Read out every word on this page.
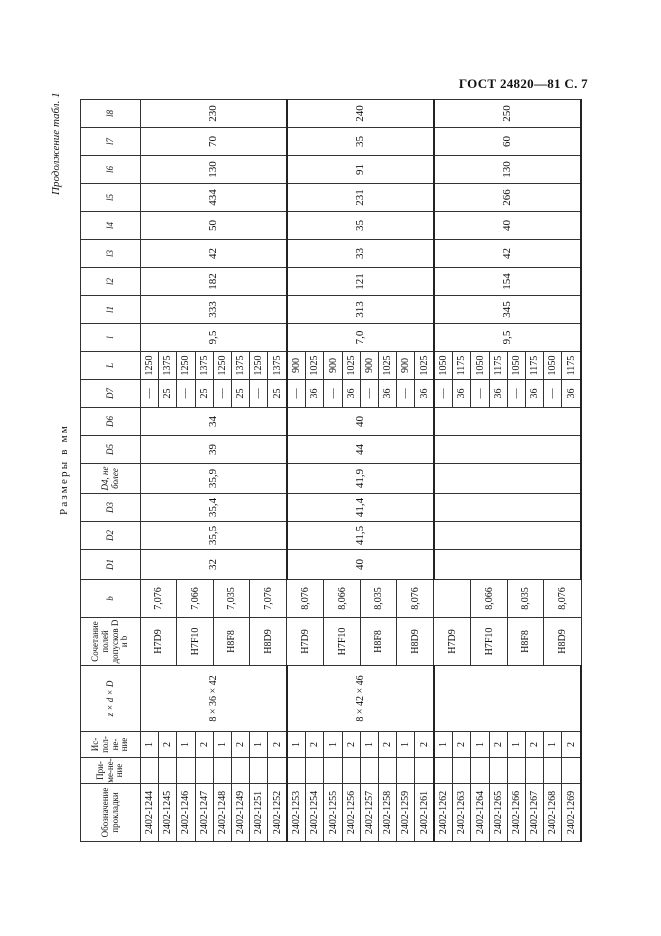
ГОСТ 24820—81 С. 7
Продолжение табл. 1
Размеры в мм
Обозначение прокладки	При-ме-не-ние	Ис-пол-не-ние	z × d × D	Сочетание полей допусков D и b	b	D1	D2	D3	D4, не более	D5	D6	D7	L	l	l1	l2	l3	l4	l5	l6	l7	l8
2402-1244		1	8 × 36 × 42	H7D9	7,076	32	35,5	35,4	35,9	39	34	—	1250	9,5	333	182	42	50	434	130	70	230
2402-1245		2										25	1375									
2402-1246		1		H7F10	7,066							—	1250									
2402-1247		2										25	1375									
2402-1248		1		H8F8	7,035							—	1250									
2402-1249		2										25	1375									
2402-1251		1		H8D9	7,076							—	1250									
2402-1252		2										25	1375									
2402-1253		1	8 × 42 × 46	H7D9	8,076	40	41,5	41,4	41,9	44	40	—	900	7,0	313	121	33	35	231	91	35	240
2402-1254		2										36	1025									
2402-1255		1		H7F10	8,066							—	900									
2402-1256		2										36	1025									
2402-1257		1		H8F8	8,035							—	900									
2402-1258		2										36	1025									
2402-1259		1		H8D9	8,076							—	900									
2402-1261		2										36	1025									
2402-1262		1		H7D9								—	1050	9,5	345	154	42	40	266	130	60	250
2402-1263		2										36	1175									
2402-1264		1		H7F10	8,066							—	1050									
2402-1265		2										36	1175									
2402-1266		1		H8F8	8,035							—	1050									
2402-1267		2										36	1175									
2402-1268		1		H8D9	8,076							—	1050									
2402-1269		2										36	1175									
